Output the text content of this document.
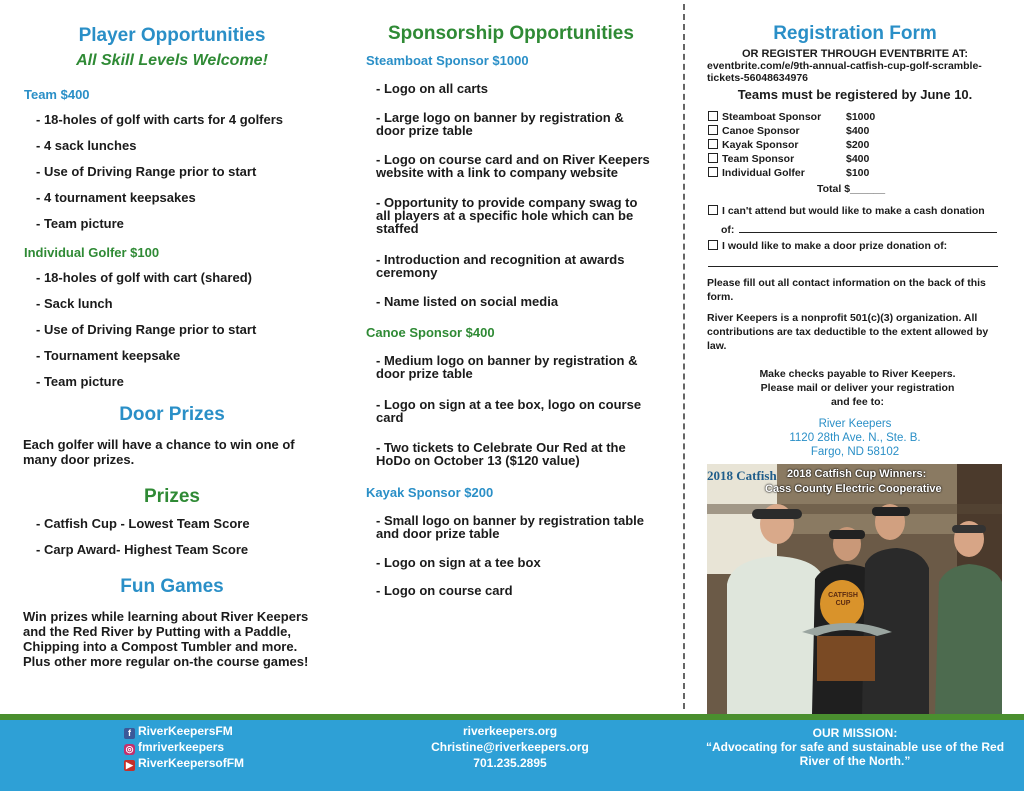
Player Opportunities
All Skill Levels Welcome!
Team $400
- 18-holes of golf with carts for 4 golfers
- 4 sack lunches
- Use of Driving Range prior to start
- 4 tournament keepsakes
- Team picture
Individual Golfer $100
- 18-holes of golf with cart (shared)
- Sack lunch
- Use of Driving Range prior to start
- Tournament keepsake
- Team picture
Door Prizes
Each golfer will have a chance to win one of many door prizes.
Prizes
- Catfish Cup - Lowest Team Score
- Carp Award- Highest Team Score
Fun Games
Win prizes while learning about River Keepers and the Red River by Putting with a Paddle, Chipping into a Compost Tumbler and more. Plus other more regular on-the course games!
Sponsorship Opportunities
Steamboat Sponsor $1000
- Logo on all carts
- Large logo on banner by registration & door prize table
- Logo on course card and on River Keepers website with a link to company website
- Opportunity to provide company swag to all players at a specific hole which can be staffed
- Introduction and recognition at awards ceremony
- Name listed on social media
Canoe Sponsor $400
- Medium logo on banner by registration & door prize table
- Logo on sign at a tee box, logo on course card
- Two tickets to Celebrate Our Red at the HoDo on October 13 ($120 value)
Kayak Sponsor $200
- Small logo on banner by registration table and door prize table
- Logo on sign at a tee box
- Logo on course card
Registration Form
OR REGISTER THROUGH EVENTBRITE AT:
eventbrite.com/e/9th-annual-catfish-cup-golf-scramble-tickets-56048634976
Teams must be registered by June 10.
Steamboat Sponsor $1000
Canoe Sponsor	$400
Kayak Sponsor	$200
Team Sponsor	$400
Individual Golfer	$100
Total $______
I can't attend but would like to make a cash donation
of:
I would like to make a door prize donation of:
Please fill out all contact information on the back of this form.
River Keepers is a nonprofit 501(c)(3) organization. All contributions are tax deductible to the extent allowed by law.
Make checks payable to River Keepers. Please mail or deliver your registration and fee to:
River Keepers
1120 28th Ave. N., Ste. B.
Fargo, ND 58102
2018 Catfish 2018 Catfish Cup Winners:
Cass County Electric Cooperative
CATFISH CUP
f RiverKeepersFM
◎ fmriverkeepers
▶ RiverKeepersofFM
riverkeepers.org
Christine@riverkeepers.org
701.235.2895
OUR MISSION:
“Advocating for safe and sustainable use of the Red River of the North.”
